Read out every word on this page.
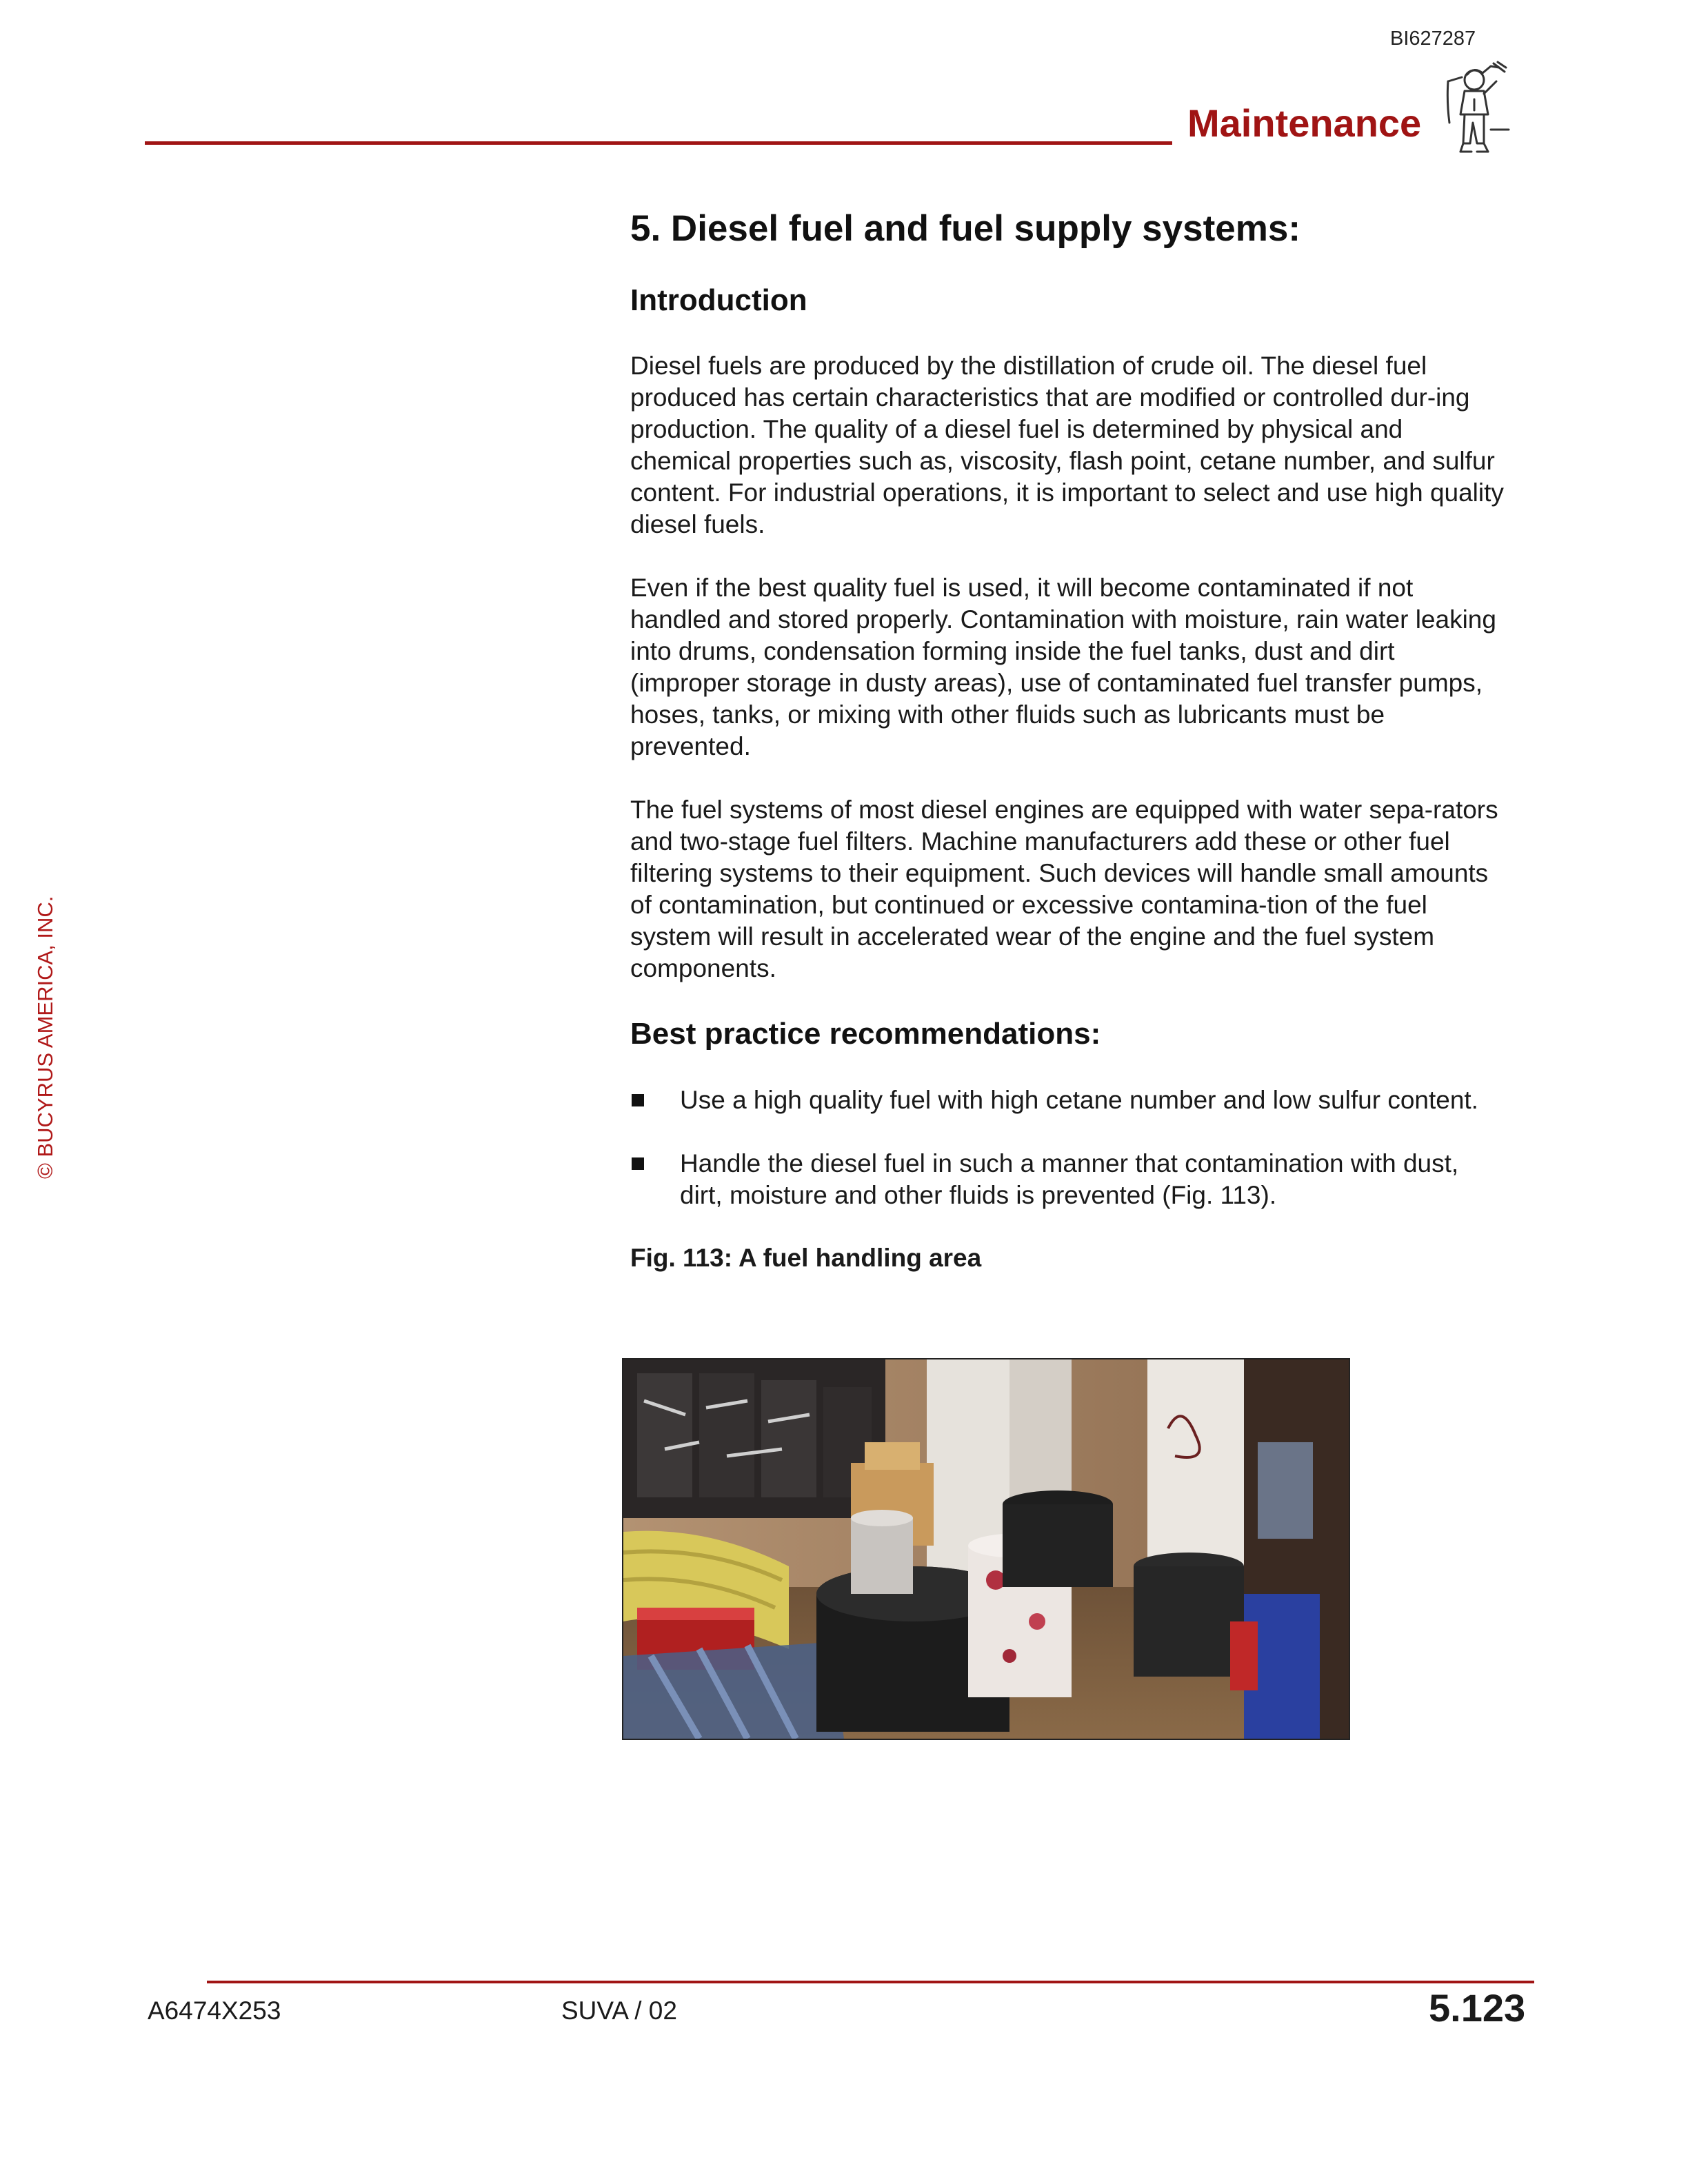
BI627287
Maintenance
© BUCYRUS AMERICA, INC.
5. Diesel fuel and fuel supply systems:
Introduction

Diesel fuels are produced by the distillation of crude oil. The diesel fuel produced has certain characteristics that are modified or controlled dur-ing production. The quality of a diesel fuel is determined by physical and chemical properties such as, viscosity, flash point, cetane number, and sulfur content. For industrial operations, it is important to select and use high quality diesel fuels.

Even if the best quality fuel is used, it will become contaminated if not handled and stored properly. Contamination with moisture, rain water leaking into drums, condensation forming inside the fuel tanks, dust and dirt (improper storage in dusty areas), use of contaminated fuel transfer pumps, hoses, tanks, or mixing with other fluids such as lubricants must be prevented.

The fuel systems of most diesel engines are equipped with water sepa-rators and two-stage fuel filters. Machine manufacturers add these or other fuel filtering systems to their equipment. Such devices will handle small amounts of contamination, but continued or excessive contamina-tion of the fuel system will result in accelerated wear of the engine and the fuel system components.

Best practice recommendations:
Use a high quality fuel with high cetane number and low sulfur content.
Handle the diesel fuel in such a manner that contamination with dust, dirt, moisture and other fluids is prevented (Fig. 113).
Fig. 113: A fuel handling area
A6474X253	SUVA / 02	5.123
